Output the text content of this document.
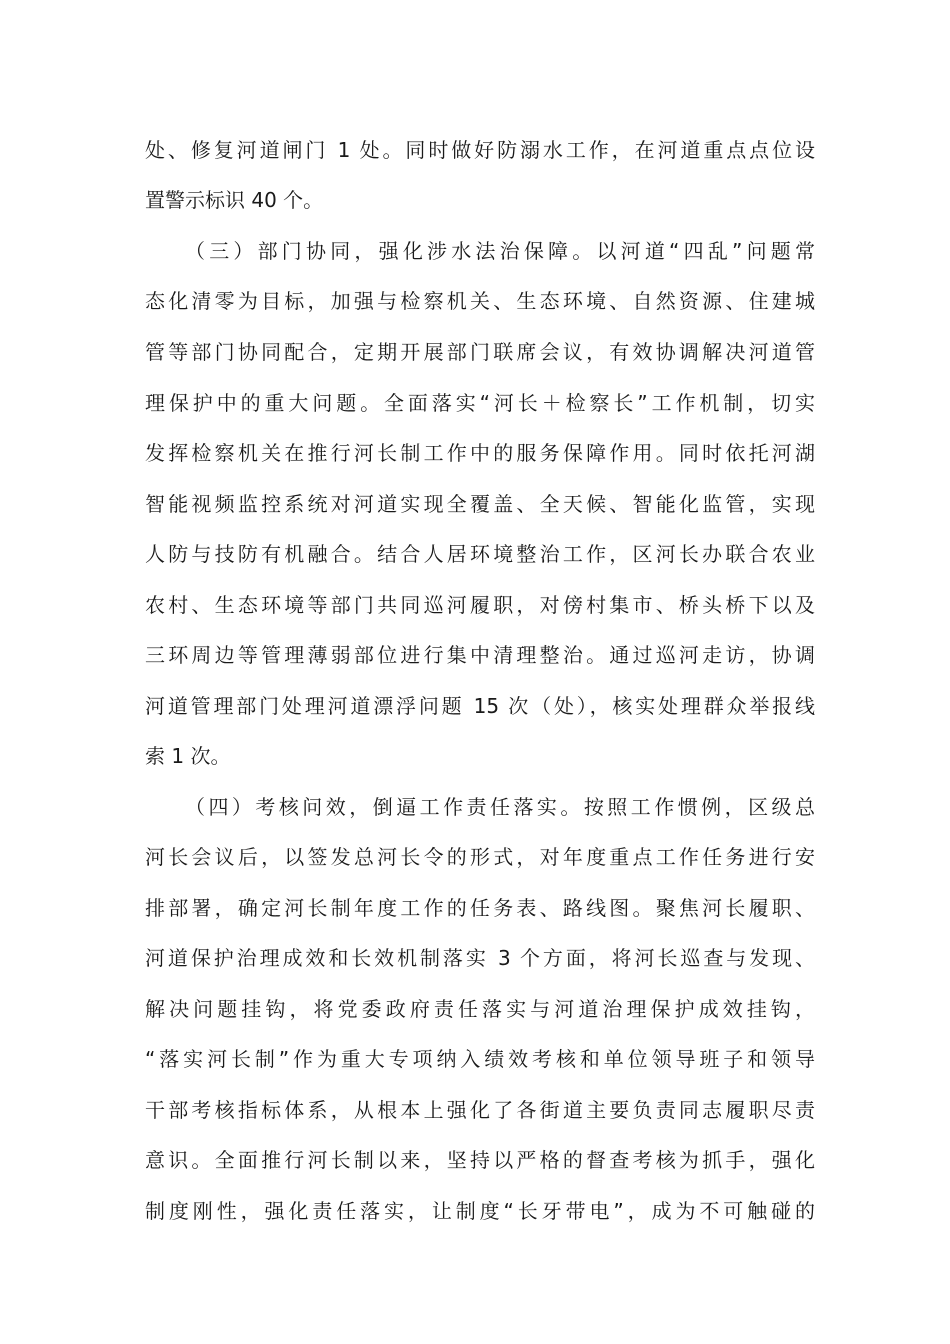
处、修复河道闸门 1 处。同时做好防溺水工作，在河道重点点位设
置警示标识 40 个。
（三）部门协同，强化涉水法治保障。以河道“四乱”问题常
态化清零为目标，加强与检察机关、生态环境、自然资源、住建城
管等部门协同配合，定期开展部门联席会议，有效协调解决河道管
理保护中的重大问题。全面落实“河长＋检察长”工作机制，切实
发挥检察机关在推行河长制工作中的服务保障作用。同时依托河湖
智能视频监控系统对河道实现全覆盖、全天候、智能化监管，实现
人防与技防有机融合。结合人居环境整治工作，区河长办联合农业
农村、生态环境等部门共同巡河履职，对傍村集市、桥头桥下以及
三环周边等管理薄弱部位进行集中清理整治。通过巡河走访，协调
河道管理部门处理河道漂浮问题 15 次（处），核实处理群众举报线
索 1 次。
（四）考核问效，倒逼工作责任落实。按照工作惯例，区级总
河长会议后，以签发总河长令的形式，对年度重点工作任务进行安
排部署，确定河长制年度工作的任务表、路线图。聚焦河长履职、
河道保护治理成效和长效机制落实 3 个方面，将河长巡查与发现、
解决问题挂钩，将党委政府责任落实与河道治理保护成效挂钩，
“落实河长制”作为重大专项纳入绩效考核和单位领导班子和领导
干部考核指标体系，从根本上强化了各街道主要负责同志履职尽责
意识。全面推行河长制以来，坚持以严格的督查考核为抓手，强化
制度刚性，强化责任落实，让制度“长牙带电”，成为不可触碰的
